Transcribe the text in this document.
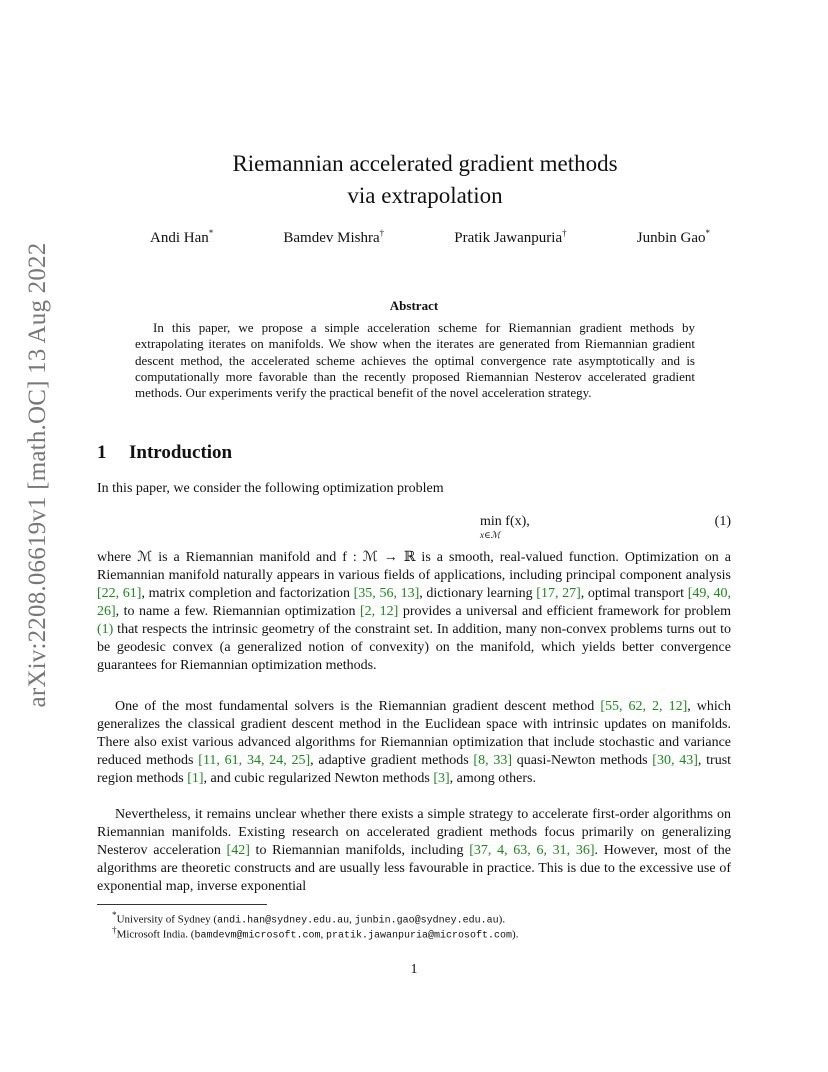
arXiv:2208.06619v1 [math.OC] 13 Aug 2022
Riemannian accelerated gradient methods
via extrapolation
Andi Han*	Bamdev Mishra†	Pratik Jawanpuria†	Junbin Gao*
Abstract
In this paper, we propose a simple acceleration scheme for Riemannian gradient methods by extrapolating iterates on manifolds. We show when the iterates are generated from Riemannian gradient descent method, the accelerated scheme achieves the optimal convergence rate asymptotically and is computationally more favorable than the recently proposed Riemannian Nesterov accelerated gradient methods. Our experiments verify the practical benefit of the novel acceleration strategy.
1 Introduction
In this paper, we consider the following optimization problem
min f(x),
x∈ℳ
(1)
where ℳ is a Riemannian manifold and f : ℳ → ℝ is a smooth, real-valued function. Optimization on a Riemannian manifold naturally appears in various fields of applications, including principal component analysis [22, 61], matrix completion and factorization [35, 56, 13], dictionary learning [17, 27], optimal transport [49, 40, 26], to name a few. Riemannian optimization [2, 12] provides a universal and efficient framework for problem (1) that respects the intrinsic geometry of the constraint set. In addition, many non-convex problems turns out to be geodesic convex (a generalized notion of convexity) on the manifold, which yields better convergence guarantees for Riemannian optimization methods.
One of the most fundamental solvers is the Riemannian gradient descent method [55, 62, 2, 12], which generalizes the classical gradient descent method in the Euclidean space with intrinsic updates on manifolds. There also exist various advanced algorithms for Riemannian optimization that include stochastic and variance reduced methods [11, 61, 34, 24, 25], adaptive gradient methods [8, 33] quasi-Newton methods [30, 43], trust region methods [1], and cubic regularized Newton methods [3], among others.
Nevertheless, it remains unclear whether there exists a simple strategy to accelerate first-order algorithms on Riemannian manifolds. Existing research on accelerated gradient methods focus primarily on generalizing Nesterov acceleration [42] to Riemannian manifolds, including [37, 4, 63, 6, 31, 36]. However, most of the algorithms are theoretic constructs and are usually less favourable in practice. This is due to the excessive use of exponential map, inverse exponential
*University of Sydney (andi.han@sydney.edu.au, junbin.gao@sydney.edu.au).
†Microsoft India. (bamdevm@microsoft.com, pratik.jawanpuria@microsoft.com).
1
